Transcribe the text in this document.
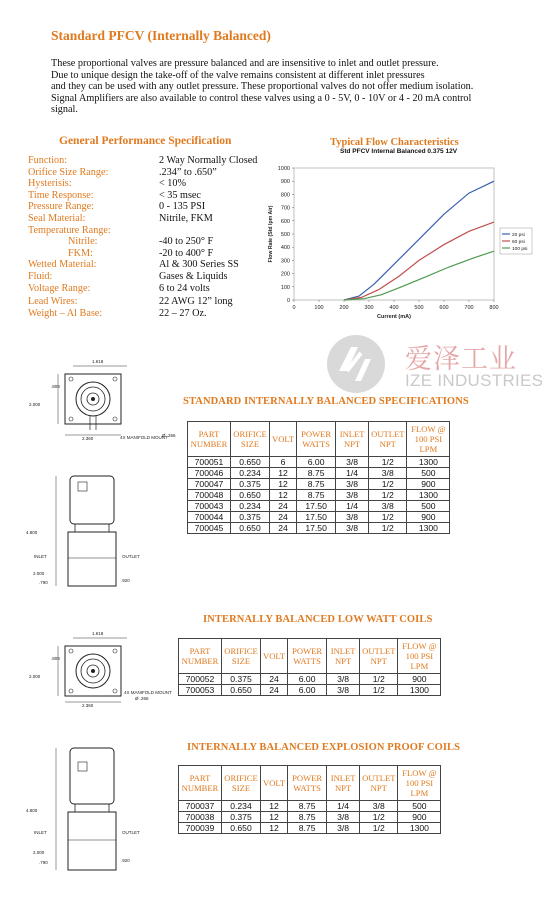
Standard PFCV (Internally Balanced)
These proportional valves are pressure balanced and are insensitive to inlet and outlet pressure.
Due to unique design the take-off of the valve remains consistent at different inlet pressures
and they can be used with any outlet pressure. These proportional valves do not offer medium isolation.
Signal Amplifiers are also available to control these valves using a 0 - 5V, 0 - 10V or 4 - 20 mA control
signal.
General Performance Specification
Function:	2 Way Normally Closed
Orifice Size Range:	.234” to .650”
Hysterisis:	< 10%
Time Response:	< 35 msec
Pressure Range:	0 - 135 PSI
Seal Material:	Nitrile, FKM
Temperature Range:
Nitrile:	-40 to 250° F
FKM:	-20 to 400° F
Wetted Material:	Al & 300 Series SS
Fluid:	Gases & Liquids
Voltage Range:	6 to 24 volts
Lead Wires:	22 AWG 12” long
Weight – Al Base:	22 – 27 Oz.
Typical Flow Characteristics
Std PFCV Internal Balanced 0.375 12V
0
100
200
300
400
500
600
700
800
900
1000
0	100	200	300	400	500	600	700	800
Current (mA)
Flow Rate (Std lpm Air)	20 psi
60 psi
100 psi
爱泽工业
IZE INDUSTRIES
STANDARD INTERNALLY BALANCED SPECIFICATIONS
INTERNALLY BALANCED LOW WATT COILS
INTERNALLY BALANCED EXPLOSION PROOF COILS
PART NUMBER	ORIFICE SIZE	VOLT	POWER WATTS	INLET NPT	OUTLET NPT	FLOW @ 100 PSI LPM
700051	0.650	6	6.00	3/8	1/2	1300
700046	0.234	12	8.75	1/4	3/8	500
700047	0.375	12	8.75	3/8	1/2	900
700048	0.650	12	8.75	3/8	1/2	1300
700043	0.234	24	17.50	1/4	3/8	500
700044	0.375	24	17.50	3/8	1/2	900
700045	0.650	24	17.50	3/8	1/2	1300
PART NUMBER	ORIFICE SIZE	VOLT	POWER WATTS	INLET NPT	OUTLET NPT	FLOW @ 100 PSI LPM
700052	0.375	24	6.00	3/8	1/2	900
700053	0.650	24	6.00	3/8	1/2	1300
PART NUMBER	ORIFICE SIZE	VOLT	POWER WATTS	INLET NPT	OUTLET NPT	FLOW @ 100 PSI LPM
700037	0.234	12	8.75	1/4	3/8	500
700038	0.375	12	8.75	3/8	1/2	900
700039	0.650	12	8.75	3/8	1/2	1300
1.618
.809
2.000
4X MANIFOLD MOUNT
2.360
Ø .266
4.800
INLET	OUTLET
2.000
.790	.920
1.618
.809
2.000
2.360
4X MANIFOLD MOUNT
Ø .266
4.800
INLET	OUTLET
2.000
.790	.920
